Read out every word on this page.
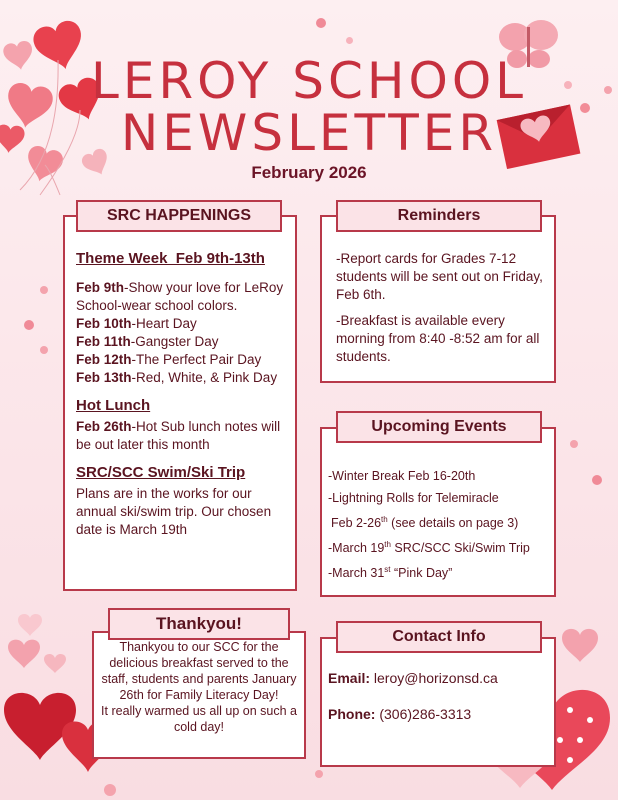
LEROY SCHOOL
NEWSLETTER
February 2026
SRC HAPPENINGS
Theme Week  Feb 9th-13th
Feb 9th-Show your love for LeRoy School-wear school colors.
Feb 10th-Heart Day
Feb 11th-Gangster Day
Feb 12th-The Perfect Pair Day
Feb 13th-Red, White, & Pink Day
Hot Lunch
Feb 26th-Hot Sub lunch notes will be out later this month
SRC/SCC Swim/Ski Trip
Plans are in the works for our annual ski/swim trip. Our chosen date is March 19th
Reminders
-Report cards for Grades 7-12 students will be sent out on Friday, Feb 6th.
-Breakfast is available every morning from 8:40 -8:52 am for all students.
Upcoming Events
-Winter Break Feb 16-20th
-Lightning Rolls for Telemiracle
Feb 2-26th (see details on page 3)
-March 19th SRC/SCC Ski/Swim Trip
-March 31st “Pink Day”
Thankyou!
Thankyou to our SCC for the delicious breakfast served to the staff, students and parents January 26th for Family Literacy Day!
It really warmed us all up on such a cold day!
Contact Info
Email: leroy@horizonsd.ca
Phone: (306)286-3313
